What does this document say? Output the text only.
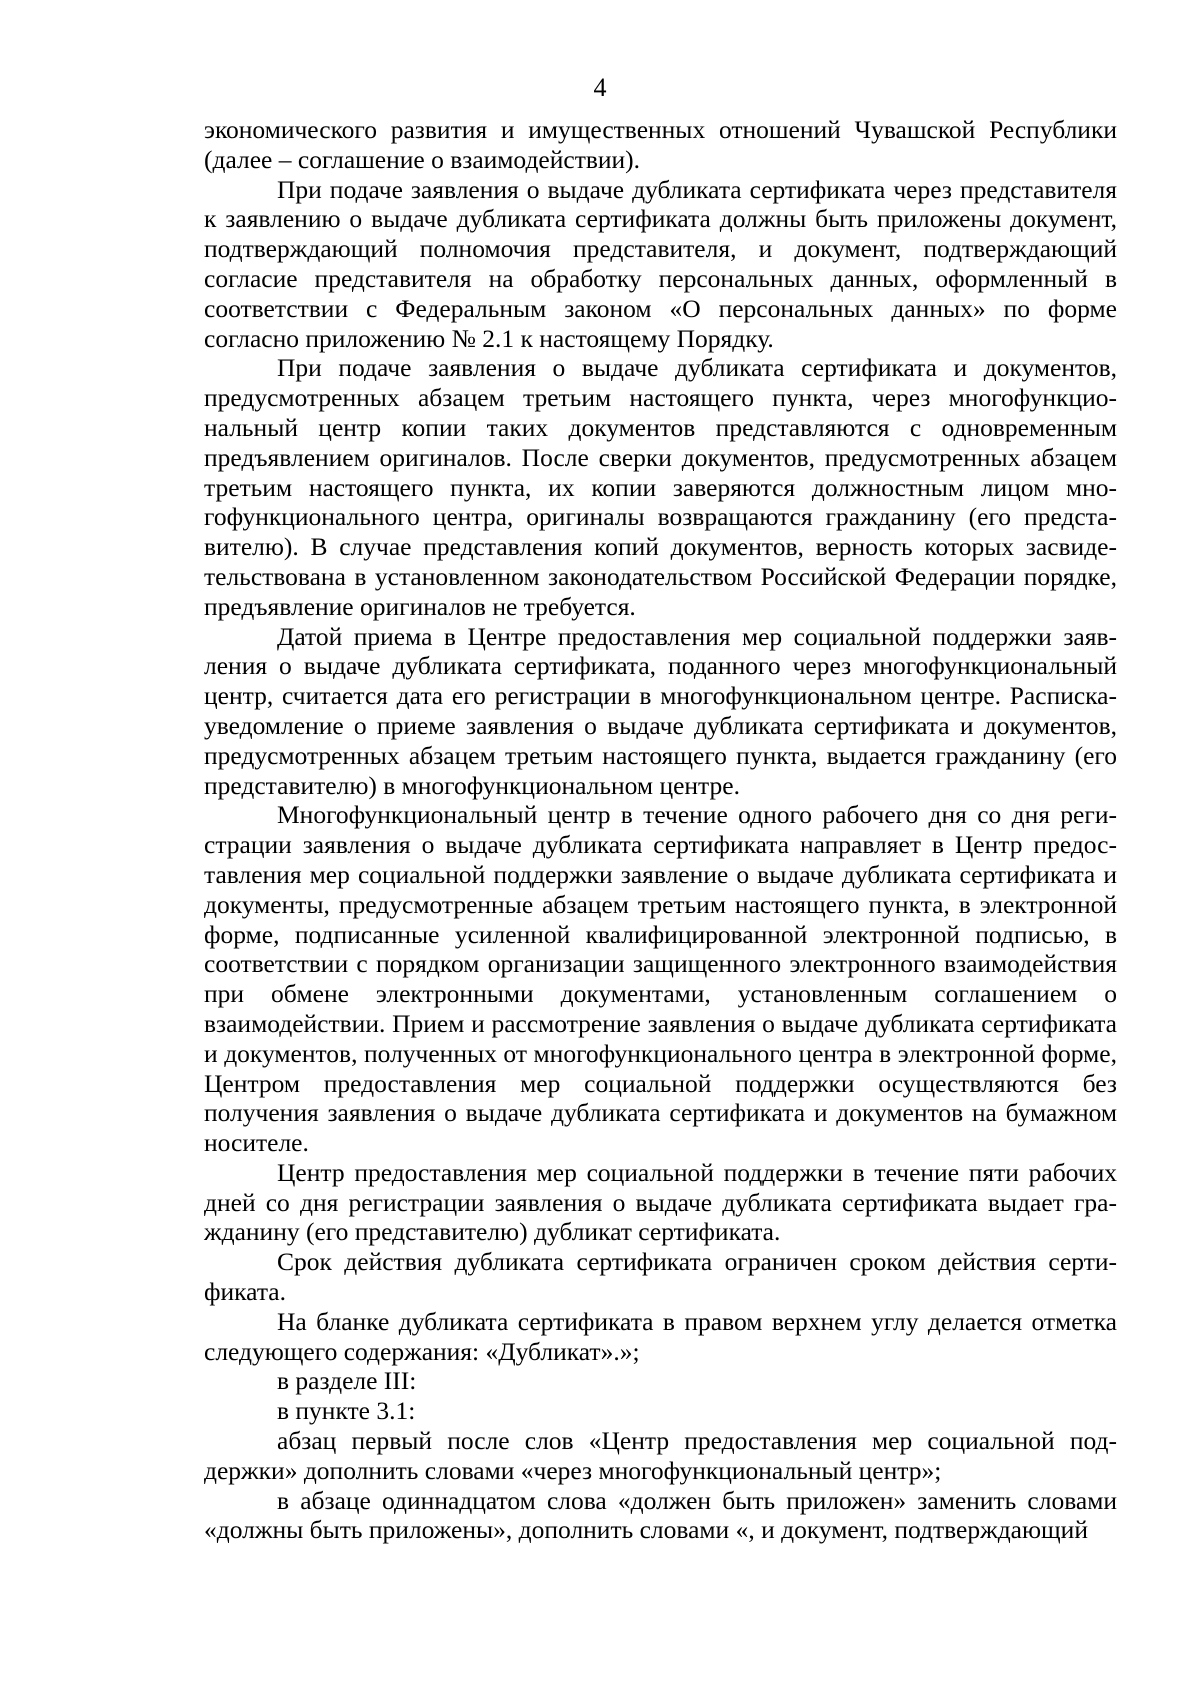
4

экономического развития и имущественных отношений Чувашской Республики (далее – соглашение о взаимодействии).

При подаче заявления о выдаче дубликата сертификата через представителя к заявлению о выдаче дубликата сертификата должны быть приложены документ, подтверждающий полномочия представителя, и документ, подтверждающий согласие представителя на обработку персональных данных, оформленный в соответствии с Федеральным законом «О персональных данных» по форме согласно приложению № 2.1 к настоящему Порядку.

При подаче заявления о выдаче дубликата сертификата и документов, предусмотренных абзацем третьим настоящего пункта, через многофункциональный центр копии таких документов представляются с одновременным предъявлением оригиналов. После сверки документов, предусмотренных абзацем третьим настоящего пункта, их копии заверяются должностным лицом многофункционального центра, оригиналы возвращаются гражданину (его представителю). В случае представления копий документов, верность которых засвидетельствована в установленном законодательством Российской Федерации порядке, предъявление оригиналов не требуется.

Датой приема в Центре предоставления мер социальной поддержки заявления о выдаче дубликата сертификата, поданного через многофункциональный центр, считается дата его регистрации в многофункциональном центре. Расписка-уведомление о приеме заявления о выдаче дубликата сертификата и документов, предусмотренных абзацем третьим настоящего пункта, выдается гражданину (его представителю) в многофункциональном центре.

Многофункциональный центр в течение одного рабочего дня со дня регистрации заявления о выдаче дубликата сертификата направляет в Центр предоставления мер социальной поддержки заявление о выдаче дубликата сертификата и документы, предусмотренные абзацем третьим настоящего пункта, в электронной форме, подписанные усиленной квалифицированной электронной подписью, в соответствии с порядком организации защищенного электронного взаимодействия при обмене электронными документами, установленным соглашением о взаимодействии. Прием и рассмотрение заявления о выдаче дубликата сертификата и документов, полученных от многофункционального центра в электронной форме, Центром предоставления мер социальной поддержки осуществляются без получения заявления о выдаче дубликата сертификата и документов на бумажном носителе.

Центр предоставления мер социальной поддержки в течение пяти рабочих дней со дня регистрации заявления о выдаче дубликата сертификата выдает гражданину (его представителю) дубликат сертификата.

Срок действия дубликата сертификата ограничен сроком действия сертификата.

На бланке дубликата сертификата в правом верхнем углу делается отметка следующего содержания: «Дубликат».»;

в разделе III:

в пункте 3.1:

абзац первый после слов «Центр предоставления мер социальной поддержки» дополнить словами «через многофункциональный центр»;

в абзаце одиннадцатом слова «должен быть приложен» заменить словами «должны быть приложены», дополнить словами «, и документ, подтверждающий
